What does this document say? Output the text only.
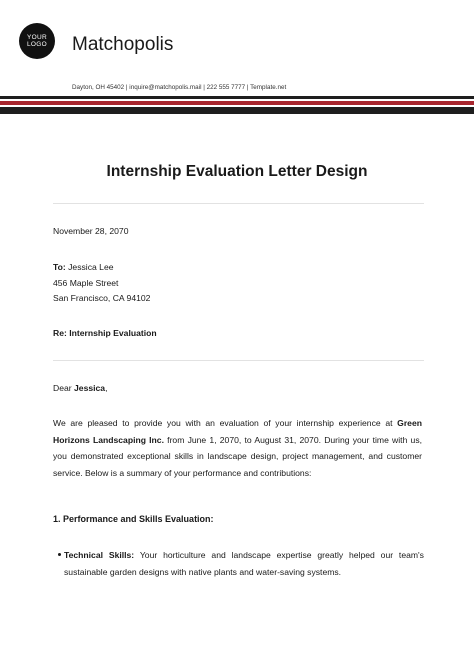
YOUR
LOGO Matchopolis
Dayton, OH 45402 | inquire@matchopolis.mail | 222 555 7777 | Template.net
Internship Evaluation Letter Design
November 28, 2070
To: Jessica Lee
456 Maple Street
San Francisco, CA 94102
Re: Internship Evaluation
Dear Jessica,
We are pleased to provide you with an evaluation of your internship experience at Green Horizons Landscaping Inc. from June 1, 2070, to August 31, 2070. During your time with us, you demonstrated exceptional skills in landscape design, project management, and customer service. Below is a summary of your performance and contributions:
1. Performance and Skills Evaluation:
Technical Skills: Your horticulture and landscape expertise greatly helped our team's sustainable garden designs with native plants and water-saving systems.
